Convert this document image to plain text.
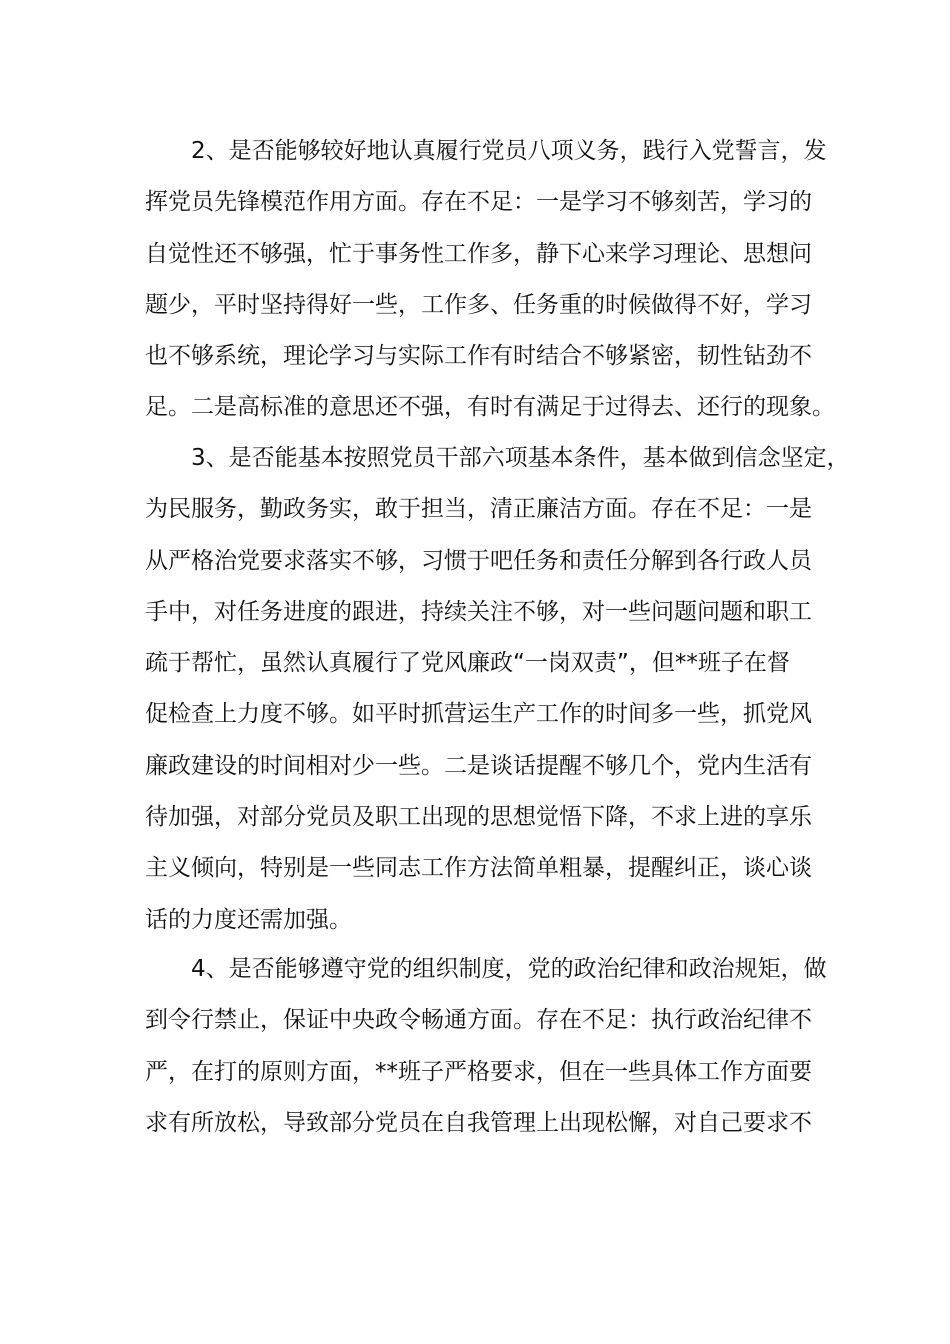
2、是否能够较好地认真履行党员八项义务，践行入党誓言，发
挥党员先锋模范作用方面。存在不足：一是学习不够刻苦，学习的
自觉性还不够强，忙于事务性工作多，静下心来学习理论、思想问
题少，平时坚持得好一些，工作多、任务重的时候做得不好，学习
也不够系统，理论学习与实际工作有时结合不够紧密，韧性钻劲不
足。二是高标准的意思还不强，有时有满足于过得去、还行的现象。
3、是否能基本按照党员干部六项基本条件，基本做到信念坚定，
为民服务，勤政务实，敢于担当，清正廉洁方面。存在不足：一是
从严格治党要求落实不够，习惯于吧任务和责任分解到各行政人员
手中，对任务进度的跟进，持续关注不够，对一些问题问题和职工
疏于帮忙，虽然认真履行了党风廉政“一岗双责”，但**班子在督
促检查上力度不够。如平时抓营运生产工作的时间多一些，抓党风
廉政建设的时间相对少一些。二是谈话提醒不够几个，党内生活有
待加强，对部分党员及职工出现的思想觉悟下降，不求上进的享乐
主义倾向，特别是一些同志工作方法简单粗暴，提醒纠正，谈心谈
话的力度还需加强。
4、是否能够遵守党的组织制度，党的政治纪律和政治规矩，做
到令行禁止，保证中央政令畅通方面。存在不足：执行政治纪律不
严，在打的原则方面，**班子严格要求，但在一些具体工作方面要
求有所放松，导致部分党员在自我管理上出现松懈，对自己要求不
